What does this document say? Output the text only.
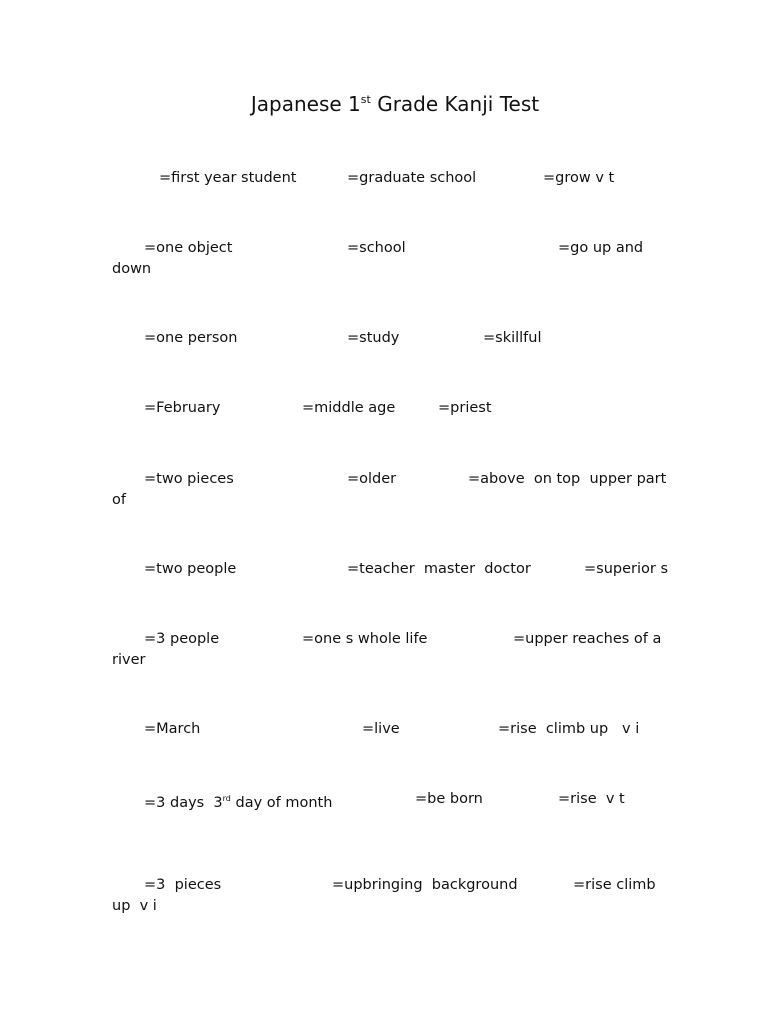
Japanese 1st Grade Kanji Test
=first year student	=graduate school	=grow v t
=one object	=school	=go up and
down
=one person	=study	=skillful
=February	=middle age	=priest
=two pieces	=older	=above  on top  upper part
of
=two people	=teacher  master  doctor	=superior s
=3 people	=one s whole life	=upper reaches of a
river
=March	=live	=rise  climb up   v i
=3 days  3rd day of month	=be born	=rise  v t
=3  pieces	=upbringing  background	=rise climb
up  v i
